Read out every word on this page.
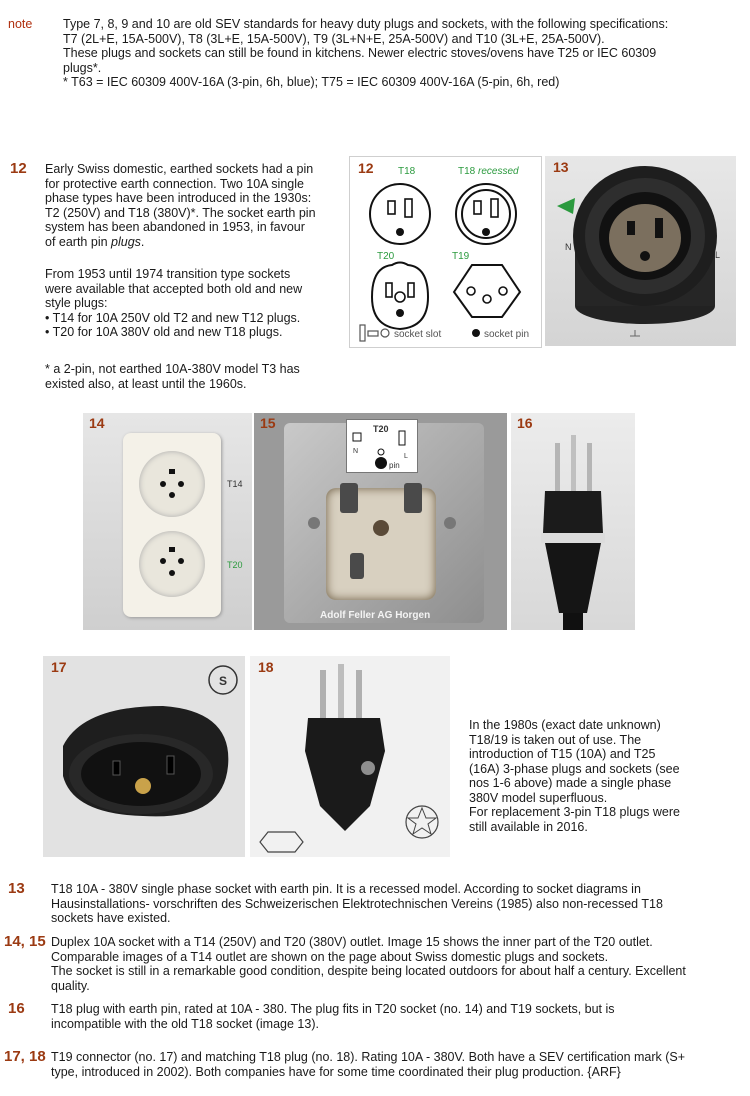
note Type 7, 8, 9 and 10 are old SEV standards for heavy duty plugs and sockets, with the following specifications:
T7 (2L+E, 15A-500V), T8 (3L+E, 15A-500V), T9 (3L+N+E, 25A-500V) and T10 (3L+E, 25A-500V).
These plugs and sockets can still be found in kitchens. Newer electric stoves/ovens have T25 or IEC 60309
plugs*.
* T63 = IEC 60309 400V-16A (3-pin, 6h, blue); T75 = IEC 60309 400V-16A (5-pin, 6h, red)
12 Early Swiss domestic, earthed sockets had a pin
for protective earth connection. Two 10A single
phase types have been introduced in the 1930s:
T2 (250V) and T18 (380V)*. The socket earth pin
system has been abandoned in 1953, in favour
of earth pin plugs.
From 1953 until 1974 transition type sockets
were available that accepted both old and new
style plugs:
• T14 for 10A 250V old T2 and new T12 plugs.
• T20 for 10A 380V old and new T18 plugs.
* a 2-pin, not earthed 10A-380V model T3 has
existed also, at least until the 1960s.
12 T18	T18 recessed
T20	T19
socket slot	socket pin
13
N
L
14
T14
T20
15	T20
N
L
pin
Adolf Feller AG Horgen
16
17
S
18
In the 1980s (exact date unknown)
T18/19 is taken out of use. The
introduction of T15 (10A) and T25
(16A) 3-phase plugs and sockets (see
nos 1-6 above) made a single phase
380V model superfluous.
For replacement 3-pin T18 plugs were
still available in 2016.
13 T18 10A - 380V single phase socket with earth pin. It is a recessed model. According to socket diagrams in
Hausinstallations- vorschriften des Schweizerischen Elektrotechnischen Vereins (1985) also non-recessed T18
sockets have existed.
14, 15 Duplex 10A socket with a T14 (250V) and T20 (380V) outlet. Image 15 shows the inner part of the T20 outlet.
Comparable images of a T14 outlet are shown on the page about Swiss domestic plugs and sockets.
The socket is still in a remarkable good condition, despite being located outdoors for about half a century. Excellent
quality.
16 T18 plug with earth pin, rated at 10A - 380. The plug fits in T20 socket (no. 14) and T19 sockets, but is
incompatible with the old T18 socket (image 13).
17, 18 T19 connector (no. 17) and matching T18 plug (no. 18). Rating 10A - 380V. Both have a SEV certification mark (S+
type, introduced in 2002). Both companies have for some time coordinated their plug production. {ARF}
